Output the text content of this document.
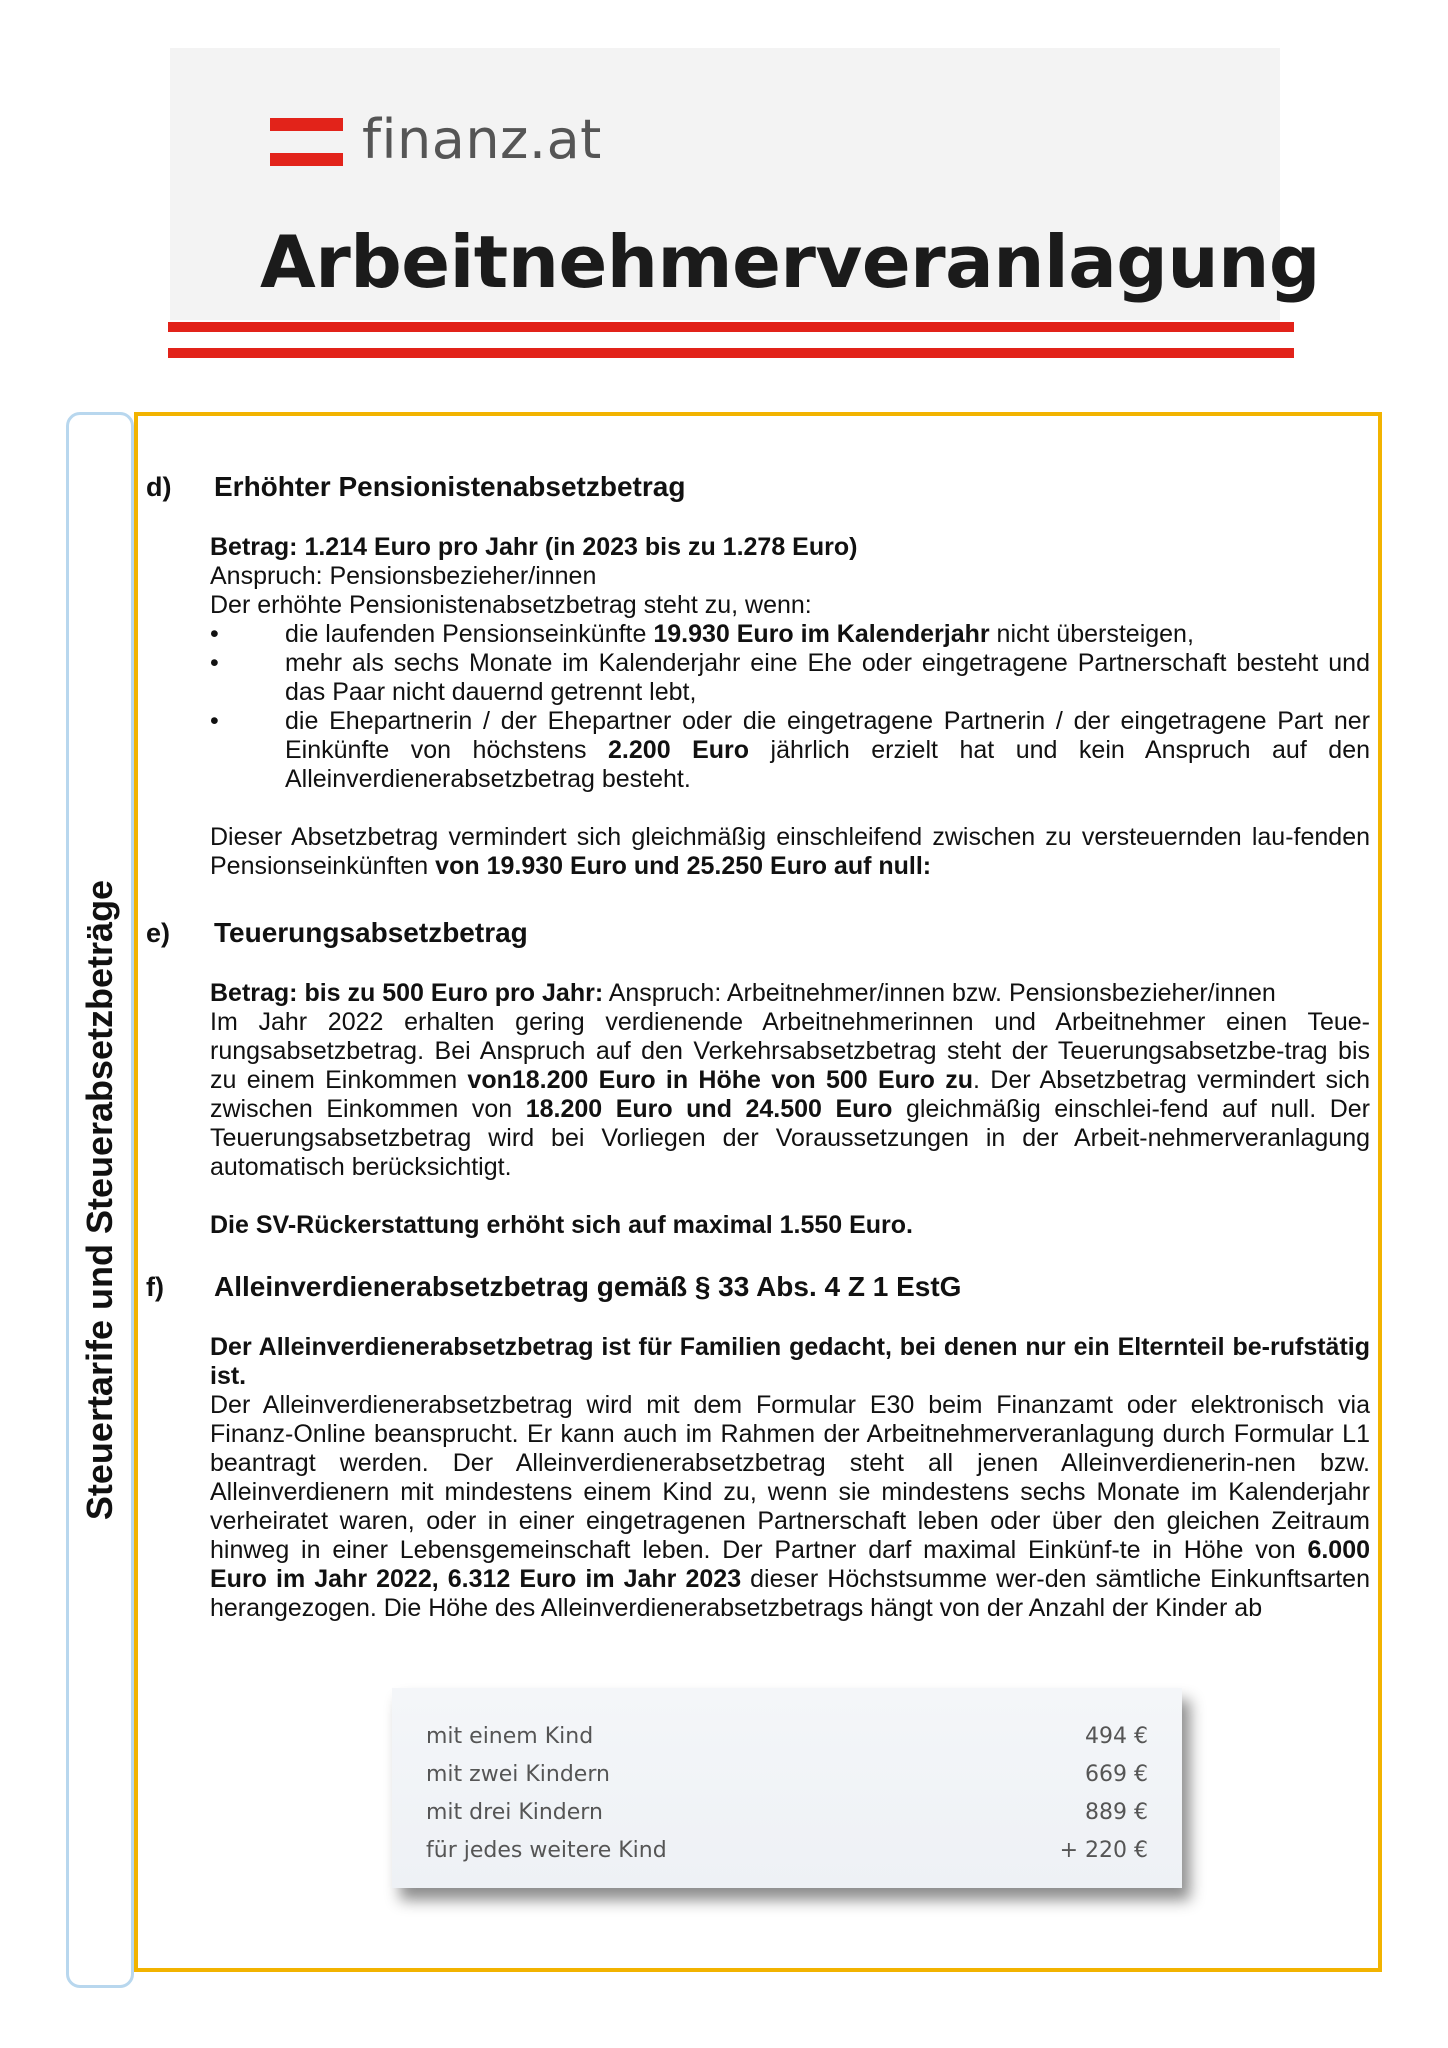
finanz.at
Arbeitnehmerveranlagung
Steuertarife und Steuerabsetzbeträge
d) Erhöhter Pensionistenabsetzbetrag
Betrag: 1.214 Euro pro Jahr (in 2023 bis zu 1.278 Euro)
Anspruch: Pensionsbezieher/innen
Der erhöhte Pensionistenabsetzbetrag steht zu, wenn:
•	die laufenden Pensionseinkünfte 19.930 Euro im Kalenderjahr nicht übersteigen,
•	mehr als sechs Monate im Kalenderjahr eine Ehe oder eingetragene Partnerschaft besteht und das Paar nicht dauernd getrennt lebt,
•	die Ehepartnerin / der Ehepartner oder die eingetragene Partnerin / der eingetragene Part ner Einkünfte von höchstens 2.200 Euro jährlich erzielt hat und kein Anspruch auf den Alleinverdienerabsetzbetrag besteht.
Dieser Absetzbetrag vermindert sich gleichmäßig einschleifend zwischen zu versteuernden lau-fenden Pensionseinkünften von 19.930 Euro und 25.250 Euro auf null:
e) Teuerungsabsetzbetrag
Betrag: bis zu 500 Euro pro Jahr: Anspruch: Arbeitnehmer/innen bzw. Pensionsbezieher/innen
Im Jahr 2022 erhalten gering verdienende Arbeitnehmerinnen und Arbeitnehmer einen Teue-rungsabsetzbetrag. Bei Anspruch auf den Verkehrsabsetzbetrag steht der Teuerungsabsetzbe-trag bis zu einem Einkommen von18.200 Euro in Höhe von 500 Euro zu. Der Absetzbetrag vermindert sich zwischen Einkommen von 18.200 Euro und 24.500 Euro gleichmäßig einschlei-fend auf null. Der Teuerungsabsetzbetrag wird bei Vorliegen der Voraussetzungen in der Arbeit-nehmerveranlagung automatisch berücksichtigt.
Die SV-Rückerstattung erhöht sich auf maximal 1.550 Euro.
f) Alleinverdienerabsetzbetrag gemäß § 33 Abs. 4 Z 1 EstG
Der Alleinverdienerabsetzbetrag ist für Familien gedacht, bei denen nur ein Elternteil be-rufstätig ist.
Der Alleinverdienerabsetzbetrag wird mit dem Formular E30 beim Finanzamt oder elektronisch via Finanz-Online beansprucht. Er kann auch im Rahmen der Arbeitnehmerveranlagung durch Formular L1 beantragt werden. Der Alleinverdienerabsetzbetrag steht all jenen Alleinverdienerin-nen bzw. Alleinverdienern mit mindestens einem Kind zu, wenn sie mindestens sechs Monate im Kalenderjahr verheiratet waren, oder in einer eingetragenen Partnerschaft leben oder über den gleichen Zeitraum hinweg in einer Lebensgemeinschaft leben. Der Partner darf maximal Einkünf-te in Höhe von 6.000 Euro im Jahr 2022, 6.312 Euro im Jahr 2023 dieser Höchstsumme wer-den sämtliche Einkunftsarten herangezogen. Die Höhe des Alleinverdienerabsetzbetrags hängt von der Anzahl der Kinder ab
mit einem Kind	494 €
mit zwei Kindern	669 €
mit drei Kindern	889 €
für jedes weitere Kind	+ 220 €
